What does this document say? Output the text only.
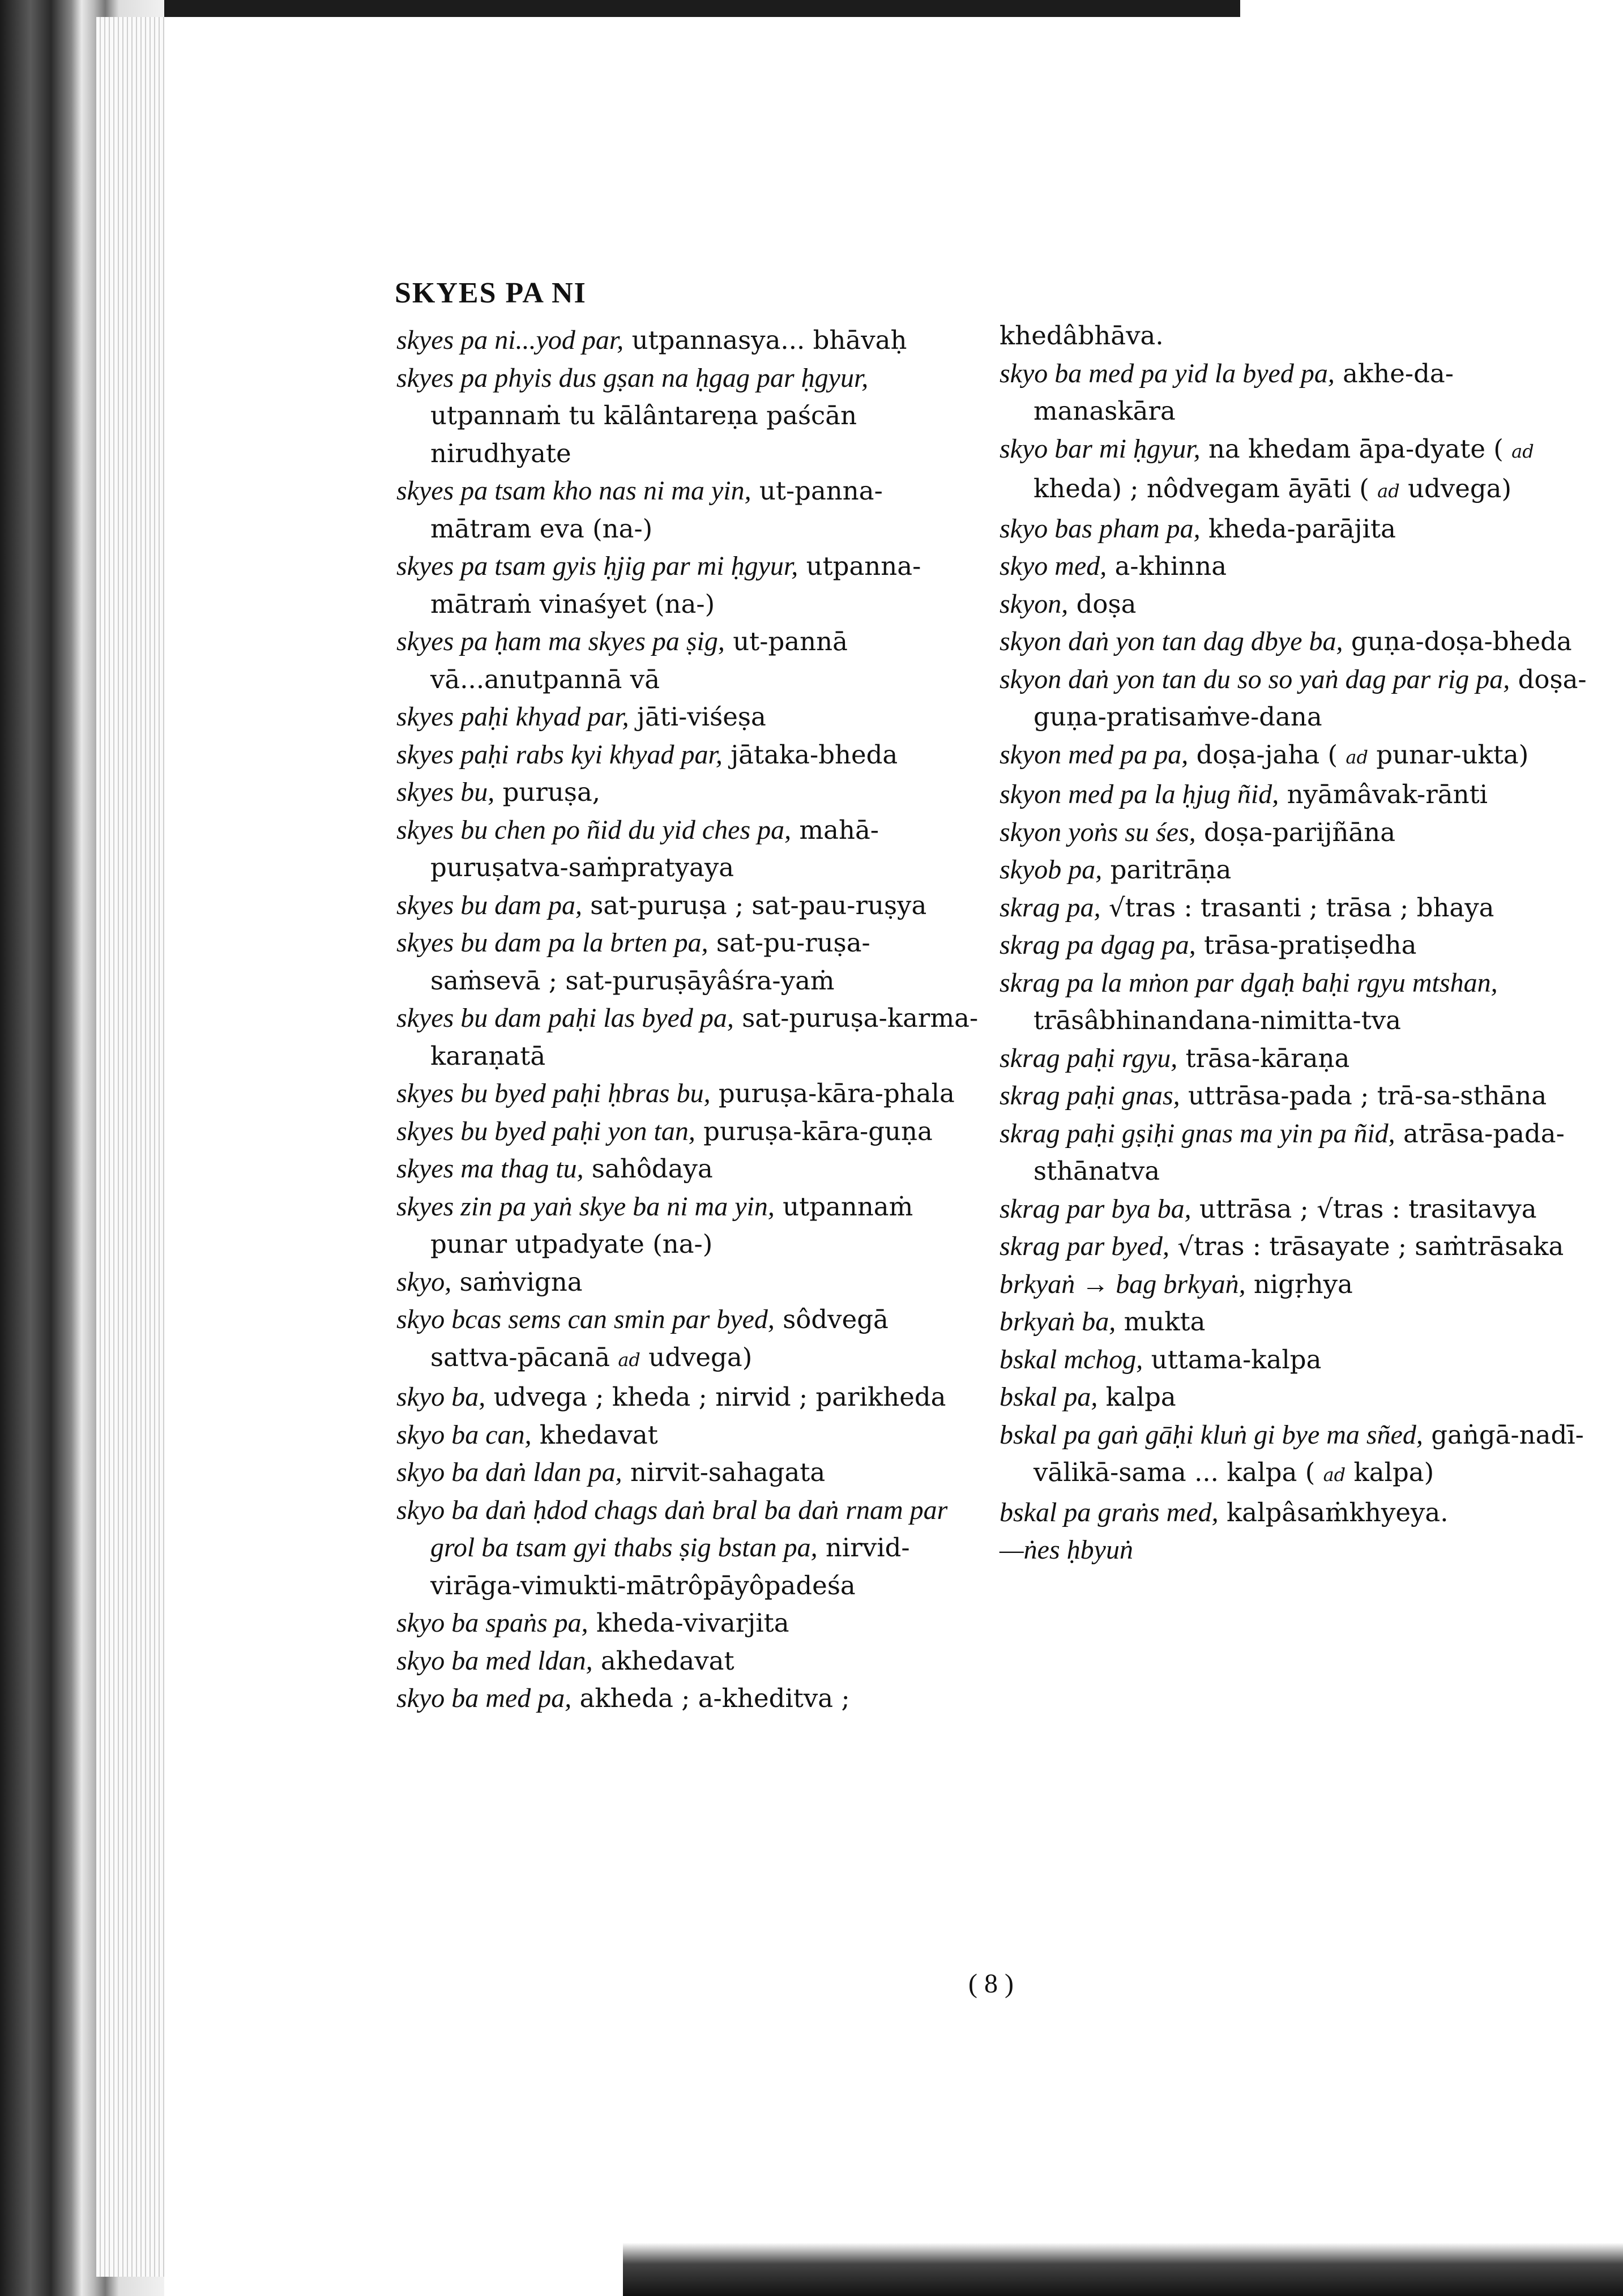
SKYES PA NI
skyes pa ni...yod par, utpannasya... bhāvaḥ
skyes pa phyis dus gṣan na ḥgag par ḥgyur, utpannaṁ tu kālântareṇa paścān nirudhyate
skyes pa tsam kho nas ni ma yin, ut-panna-mātram eva (na-)
skyes pa tsam gyis ḥjig par mi ḥgyur, utpanna-mātraṁ vinaśyet (na-)
skyes pa ḥam ma skyes pa ṣig, ut-pannā vā...anutpannā vā
skyes paḥi khyad par, jāti-viśeṣa
skyes paḥi rabs kyi khyad par, jātaka-bheda
skyes bu, puruṣa,
skyes bu chen po ñid du yid ches pa, mahā-puruṣatva-saṁpratyaya
skyes bu dam pa, sat-puruṣa ; sat-pau-ruṣya
skyes bu dam pa la brten pa, sat-pu-ruṣa-saṁsevā ; sat-puruṣāyâśra-yaṁ
skyes bu dam paḥi las byed pa, sat-puruṣa-karma-karaṇatā
skyes bu byed paḥi ḥbras bu, puruṣa-kāra-phala
skyes bu byed paḥi yon tan, puruṣa-kāra-guṇa
skyes ma thag tu, sahôdaya
skyes zin pa yaṅ skye ba ni ma yin, utpannaṁ punar utpadyate (na-)
skyo, saṁvigna
skyo bcas sems can smin par byed, sôdvegā sattva-pācanā ad udvega)
skyo ba, udvega ; kheda ; nirvid ; parikheda
skyo ba can, khedavat
skyo ba daṅ ldan pa, nirvit-sahagata
skyo ba daṅ ḥdod chags daṅ bral ba daṅ rnam par grol ba tsam gyi thabs ṣig bstan pa, nirvid-virāga-vimukti-mātrôpāyôpadeśa
skyo ba spaṅs pa, kheda-vivarjita
skyo ba med ldan, akhedavat
skyo ba med pa, akheda ; a-kheditva ;
khedâbhāva.
skyo ba med pa yid la byed pa, akhe-da-manaskāra
skyo bar mi ḥgyur, na khedam āpa-dyate ( ad kheda) ; nôdvegam āyāti ( ad udvega)
skyo bas pham pa, kheda-parājita
skyo med, a-khinna
skyon, doṣa
skyon daṅ yon tan dag dbye ba, guṇa-doṣa-bheda
skyon daṅ yon tan du so so yaṅ dag par rig pa, doṣa-guṇa-pratisaṁve-dana
skyon med pa pa, doṣa-jaha ( ad punar-ukta)
skyon med pa la ḥjug ñid, nyāmâvak-rānti
skyon yoṅs su śes, doṣa-parijñāna
skyob pa, paritrāṇa
skrag pa, √tras : trasanti ; trāsa ; bhaya
skrag pa dgag pa, trāsa-pratiṣedha
skrag pa la mṅon par dgaḥ baḥi rgyu mtshan, trāsâbhinandana-nimitta-tva
skrag paḥi rgyu, trāsa-kāraṇa
skrag paḥi gnas, uttrāsa-pada ; trā-sa-sthāna
skrag paḥi gṣiḥi gnas ma yin pa ñid, atrāsa-pada-sthānatva
skrag par bya ba, uttrāsa ; √tras : trasitavya
skrag par byed, √tras : trāsayate ; saṁtrāsaka
brkyaṅ → bag brkyaṅ, nigṛhya
brkyaṅ ba, mukta
bskal mchog, uttama-kalpa
bskal pa, kalpa
bskal pa gaṅ gāḥi kluṅ gi bye ma sñed, gaṅgā-nadī-vālikā-sama ... kalpa ( ad kalpa)
bskal pa graṅs med, kalpâsaṁkhyeya.
—ṅes ḥbyuṅ
( 8 )
